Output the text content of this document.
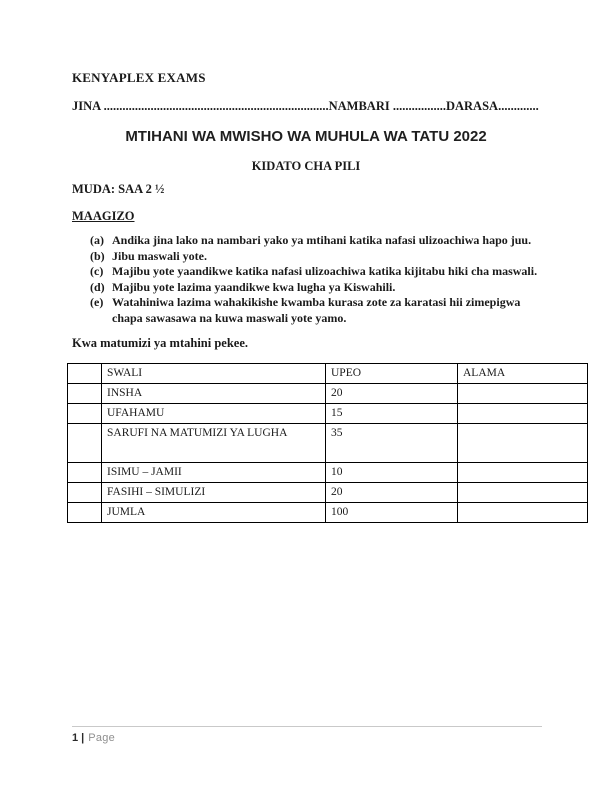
KENYAPLEX EXAMS

JINA ........................................................................NAMBARI .................DARASA.............

MTIHANI WA MWISHO WA MUHULA WA TATU 2022

KIDATO CHA PILI

MUDA: SAA 2 ½

MAAGIZO

(a) Andika jina lako na nambari yako ya mtihani katika nafasi ulizoachiwa hapo juu.
(b) Jibu maswali yote.
(c) Majibu yote yaandikwe katika nafasi ulizoachiwa katika kijitabu hiki cha maswali.
(d) Majibu yote lazima yaandikwe kwa lugha ya Kiswahili.
(e) Watahiniwa lazima wahakikishe kwamba kurasa zote za karatasi hii zimepigwa chapa sawasawa na kuwa maswali yote yamo.

Kwa matumizi ya mtahini pekee.

	SWALI	UPEO	ALAMA
	INSHA	20	
	UFAHAMU	15	
	SARUFI NA MATUMIZI YA LUGHA	35	
	ISIMU – JAMII	10	
	FASIHI – SIMULIZI	20	
	JUMLA	100	
1 | Page
